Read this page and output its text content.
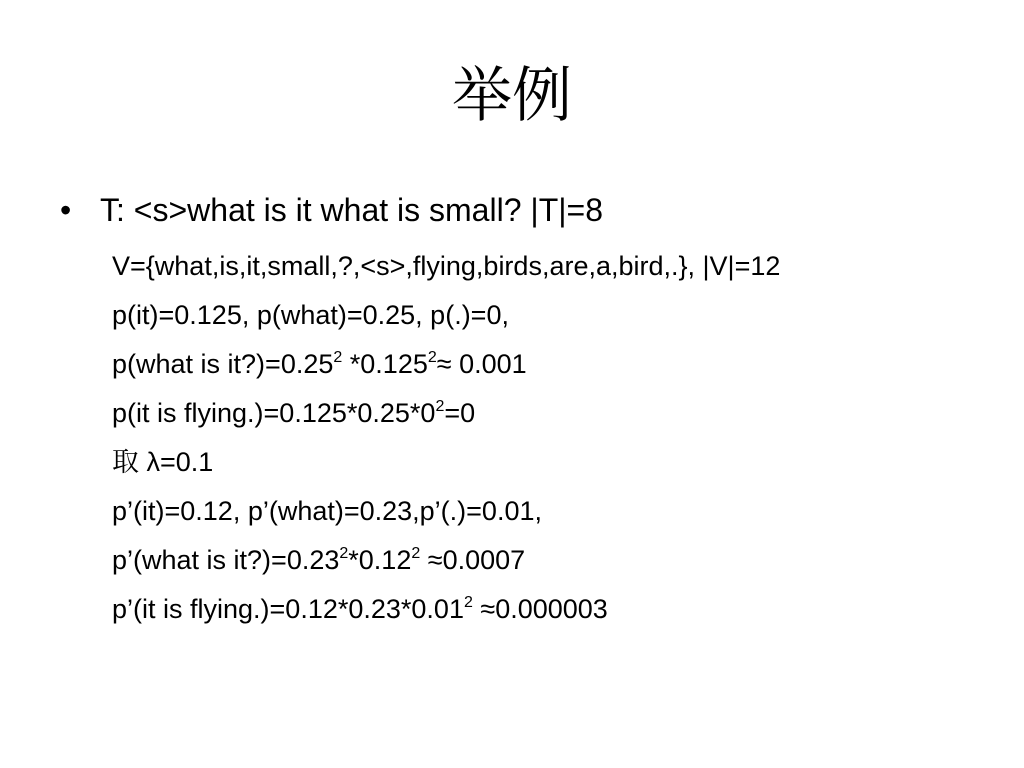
举例
• T: <s>what is it what is small? |T|=8
V={what,is,it,small,?,<s>,flying,birds,are,a,bird,.}, |V|=12
p(it)=0.125, p(what)=0.25, p(.)=0,
p(what is $it?)=0.25^2$ $*0.125^2\approx 0.001$
p(it is $flying.)=0.125*0.25*0^2=0$
取 λ=0.1
p’(it)=0.12, p’(what)=0.23,p’(.)=0.01,
p’(what is $it?)=0.23^2*0.12^2 \approx 0.0007$
p’(it is $flying.)=0.12*0.23*0.01^2 \approx 0.000003$
